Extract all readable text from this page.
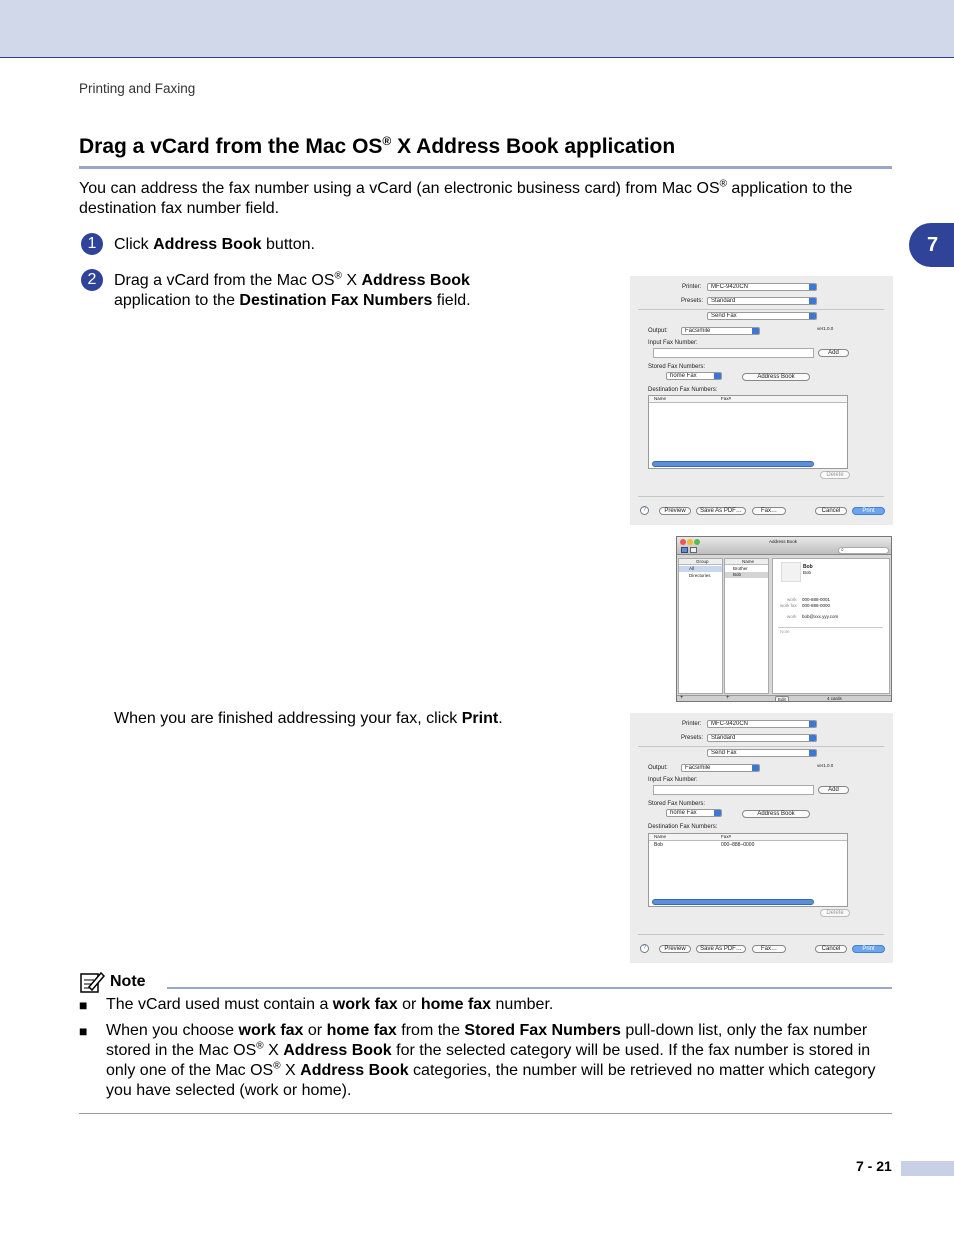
Printing and Faxing
7
Drag a vCard from the Mac OS® X Address Book application

You can address the fax number using a vCard (an electronic business card) from Mac OS® application to the destination fax number field.

1	Click Address Book button.
2	Drag a vCard from the Mac OS® X Address Book
application to the Destination Fax Numbers field.
Printer:	MFC-9420CN
Presets:	Standard
Send Fax
Output:	Facsimile	ver1.0.0
Input Fax Number:
Add
Stored Fax Numbers:
home Fax	Address Book
Destination Fax Numbers:
Name	Fax#
Delete
?	Preview	Save As PDF…	Fax…	Cancel	Print
Address Book
⌕
Group
All
Directories
Name
Brother
Bob
Bob
Bob
work 000-888-0001
work fax 000-888-0000
work bob@xxx.yyy.com
Note:
+	+	Edit	4 cards
When you are finished addressing your fax, click Print.	Printer:	MFC-9420CN
Presets:	Standard
Send Fax
Output:	Facsimile	ver1.0.0
Input Fax Number:
Add
Stored Fax Numbers:
home Fax	Address Book
Destination Fax Numbers:
Name	Fax#
Bob	000–888–0000
Delete
?	Preview	Save As PDF…	Fax…	Cancel	Print
Note
■ The vCard used must contain a work fax or home fax number.
■ When you choose work fax or home fax from the Stored Fax Numbers pull-down list, only the fax number stored in the Mac OS® X Address Book for the selected category will be used. If the fax number is stored in only one of the Mac OS® X Address Book categories, the number will be retrieved no matter which category you have selected (work or home).
7 - 21
